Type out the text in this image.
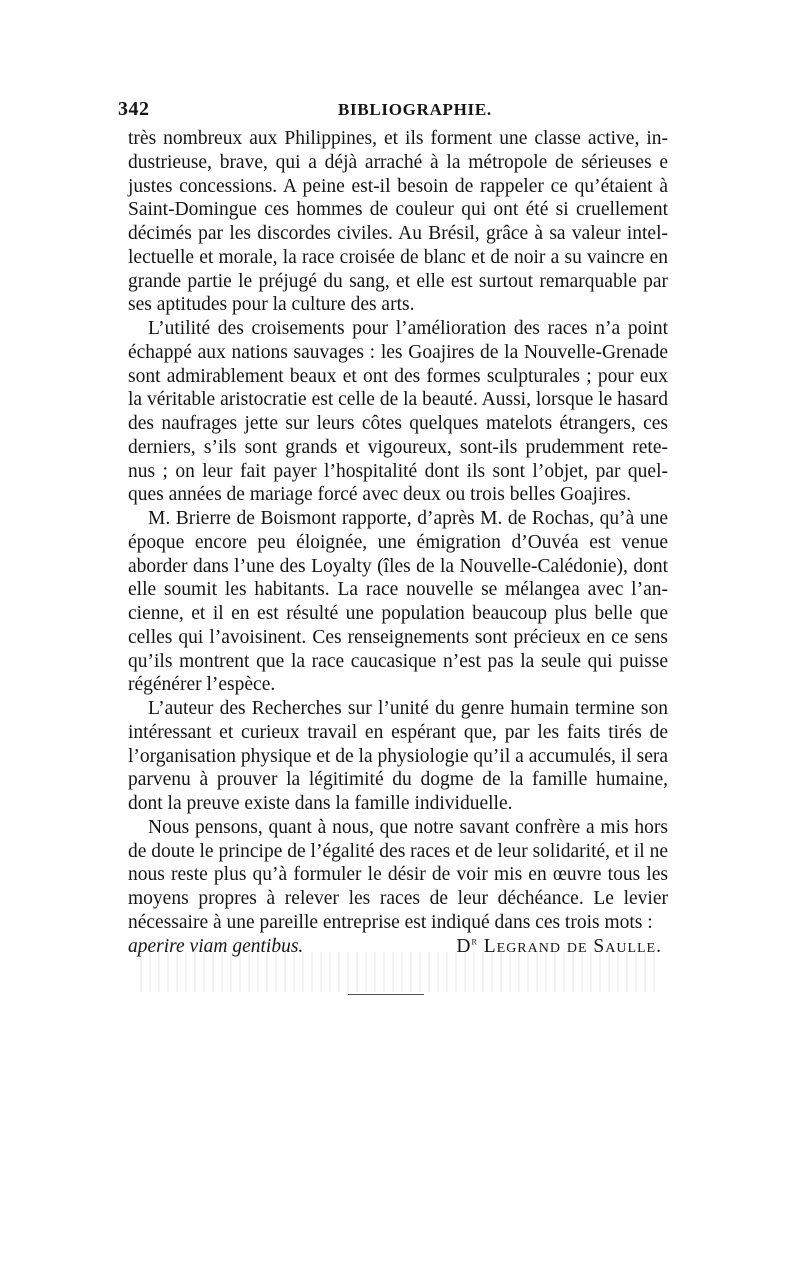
342	BIBLIOGRAPHIE.

très nombreux aux Philippines, et ils forment une classe active, in-dustrieuse, brave, qui a déjà arraché à la métropole de sérieuses e justes concessions. A peine est-il besoin de rappeler ce qu’étaient à Saint-Domingue ces hommes de couleur qui ont été si cruellement décimés par les discordes civiles. Au Brésil, grâce à sa valeur intel-lectuelle et morale, la race croisée de blanc et de noir a su vaincre en grande partie le préjugé du sang, et elle est surtout remarquable par ses aptitudes pour la culture des arts.

L’utilité des croisements pour l’amélioration des races n’a point échappé aux nations sauvages : les Goajires de la Nouvelle-Grenade sont admirablement beaux et ont des formes sculpturales ; pour eux la véritable aristocratie est celle de la beauté. Aussi, lorsque le hasard des naufrages jette sur leurs côtes quelques matelots étrangers, ces derniers, s’ils sont grands et vigoureux, sont-ils prudemment rete-nus ; on leur fait payer l’hospitalité dont ils sont l’objet, par quel-ques années de mariage forcé avec deux ou trois belles Goajires.

M. Brierre de Boismont rapporte, d’après M. de Rochas, qu’à une époque encore peu éloignée, une émigration d’Ouvéa est venue aborder dans l’une des Loyalty (îles de la Nouvelle-Calédonie), dont elle soumit les habitants. La race nouvelle se mélangea avec l’an-cienne, et il en est résulté une population beaucoup plus belle que celles qui l’avoisinent. Ces renseignements sont précieux en ce sens qu’ils montrent que la race caucasique n’est pas la seule qui puisse régénérer l’espèce.

L’auteur des Recherches sur l’unité du genre humain termine son intéressant et curieux travail en espérant que, par les faits tirés de l’organisation physique et de la physiologie qu’il a accumulés, il sera parvenu à prouver la légitimité du dogme de la famille humaine, dont la preuve existe dans la famille individuelle.

Nous pensons, quant à nous, que notre savant confrère a mis hors de doute le principe de l’égalité des races et de leur solidarité, et il ne nous reste plus qu’à formuler le désir de voir mis en œuvre tous les moyens propres à relever les races de leur déchéance. Le levier nécessaire à une pareille entreprise est indiqué dans ces trois mots :

aperire viam gentibus.	$D^r$ Legrand de Saulle.
